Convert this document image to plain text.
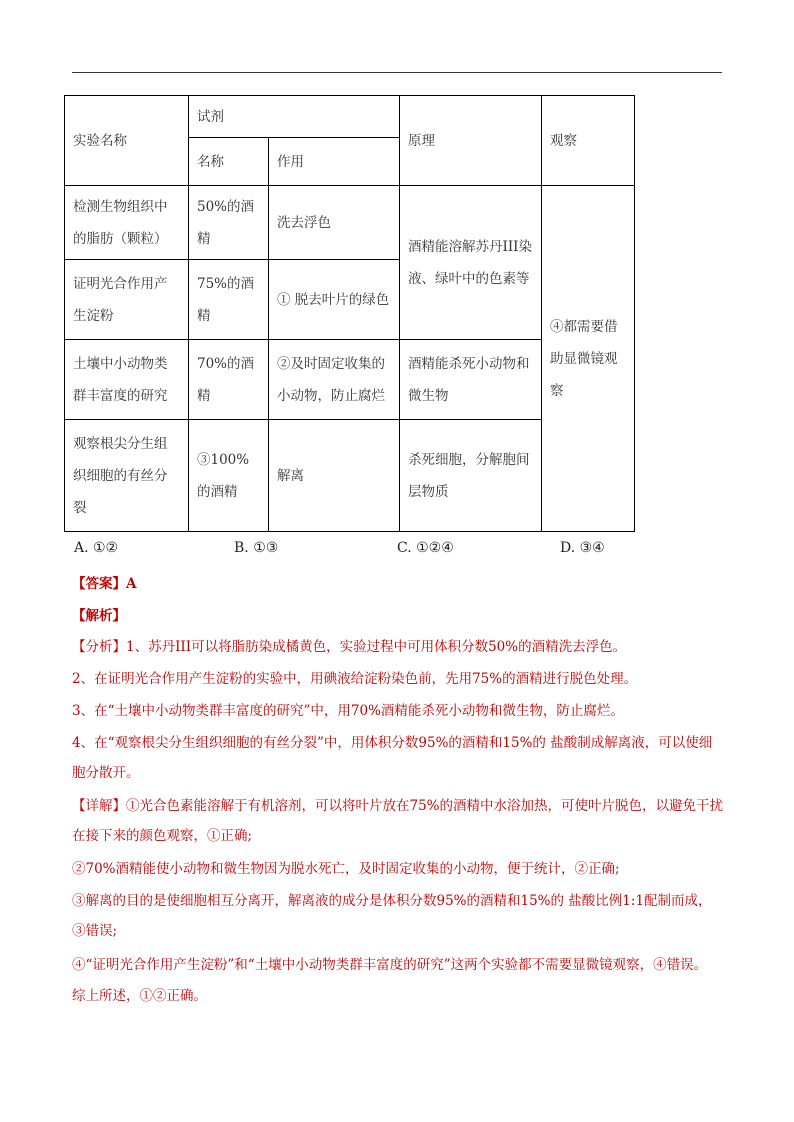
实验名称	试剂		原理	观察
	名称	作用		
检测生物组织中的脂肪（颗粒）	50%的酒精	洗去浮色	酒精能溶解苏丹III染液、绿叶中的色素等	④都需要借助显微镜观察
证明光合作用产生淀粉	75%的酒精	① 脱去叶片的绿色		
土壤中小动物类群丰富度的研究	70%的酒精	②及时固定收集的小动物，防止腐烂	酒精能杀死小动物和微生物	
观察根尖分生组织细胞的有丝分裂	③100%的酒精	解离	杀死细胞，分解胞间层物质	
A. ①②	B. ①③	C. ①②④	D. ③④
【答案】A
【解析】
【分析】1、苏丹III可以将脂肪染成橘黄色，实验过程中可用体积分数50%的酒精洗去浮色。
2、在证明光合作用产生淀粉的实验中，用碘液给淀粉染色前，先用75%的酒精进行脱色处理。
3、在“土壤中小动物类群丰富度的研究”中，用70%酒精能杀死小动物和微生物，防止腐烂。
4、在“观察根尖分生组织细胞的有丝分裂”中，用体积分数95%的酒精和15%的 盐酸制成解离液，可以使细胞分散开。
【详解】①光合色素能溶解于有机溶剂，可以将叶片放在75%的酒精中水浴加热，可使叶片脱色，以避免干扰在接下来的颜色观察，①正确;
②70%酒精能使小动物和微生物因为脱水死亡，及时固定收集的小动物，便于统计，②正确;
③解离的目的是使细胞相互分离开，解离液的成分是体积分数95%的酒精和15%的 盐酸比例1:1配制而成，③错误;
④“证明光合作用产生淀粉”和“土壤中小动物类群丰富度的研究”这两个实验都不需要显微镜观察，④错误。
综上所述，①②正确。
